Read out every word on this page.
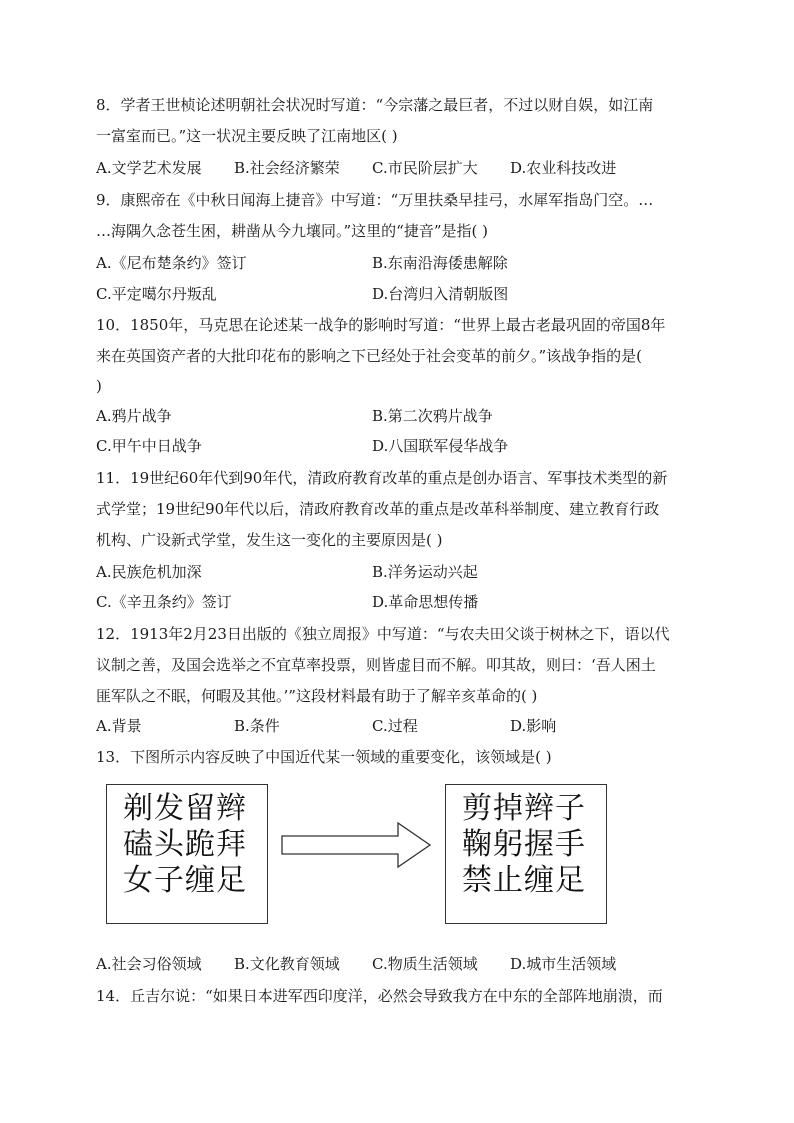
8．学者王世桢论述明朝社会状况时写道：“今宗藩之最巨者，不过以财自娱，如江南
一富室而已。”这一状况主要反映了江南地区( )
A.文学艺术发展 B.社会经济繁荣 C.市民阶层扩大 D.农业科技改进
9．康熙帝在《中秋日闻海上捷音》中写道：“万里扶桑早挂弓，水犀军指岛门空。…
…海隅久念苍生困，耕凿从今九壤同。”这里的“捷音”是指( )
A.《尼布楚条约》签订	B.东南沿海倭患解除
C.平定噶尔丹叛乱	D.台湾归入清朝版图
10．1850年，马克思在论述某一战争的影响时写道：“世界上最古老最巩固的帝国8年
来在英国资产者的大批印花布的影响之下已经处于社会变革的前夕。”该战争指的是(
)
A.鸦片战争	B.第二次鸦片战争
C.甲午中日战争	D.八国联军侵华战争
11．19世纪60年代到90年代，清政府教育改革的重点是创办语言、军事技术类型的新
式学堂；19世纪90年代以后，清政府教育改革的重点是改革科举制度、建立教育行政
机构、广设新式学堂，发生这一变化的主要原因是( )
A.民族危机加深	B.洋务运动兴起
C.《辛丑条约》签订	D.革命思想传播
12．1913年2月23日出版的《独立周报》中写道：“与农夫田父谈于树林之下，语以代
议制之善，及国会选举之不宜草率投票，则皆虚目而不解。叩其故，则曰：‘吾人困土
匪军队之不眠，何暇及其他。’”这段材料最有助于了解辛亥革命的( )
A.背景	B.条件	C.过程	D.影响
13．下图所示内容反映了中国近代某一领域的重要变化，该领域是( )
剃发留辫
磕头跪拜
女子缠足
剪掉辫子
鞠躬握手
禁止缠足
A.社会习俗领域 B.文化教育领域 C.物质生活领域 D.城市生活领域
14．丘吉尔说：“如果日本进军西印度洋，必然会导致我方在中东的全部阵地崩溃，而
